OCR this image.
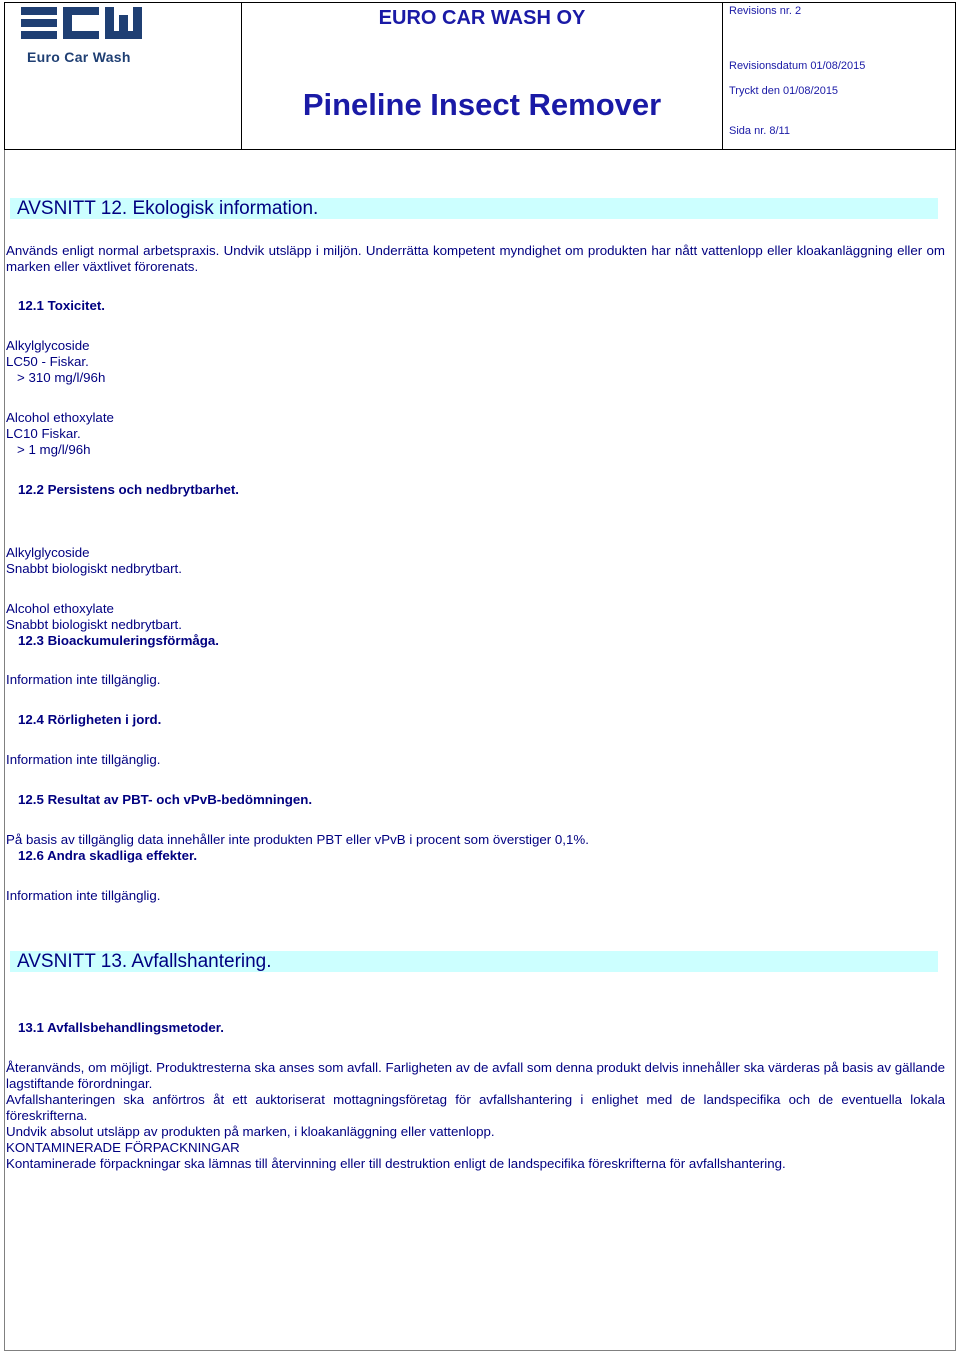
Euro Car Wash
EURO CAR WASH OY
Pineline Insect Remover
Revisions nr. 2
Revisionsdatum 01/08/2015
Tryckt den 01/08/2015
Sida nr. 8/11
AVSNITT 12. Ekologisk information.
Används enligt normal arbetspraxis. Undvik utsläpp i miljön. Underrätta kompetent myndighet om produkten har nått vattenlopp eller kloakanläggning eller om marken eller växtlivet förorenats.
12.1 Toxicitet.
Alkylglycoside
LC50 - Fiskar.
> 310 mg/l/96h
Alcohol ethoxylate
LC10 Fiskar.
> 1 mg/l/96h
12.2 Persistens och nedbrytbarhet.
Alkylglycoside
Snabbt biologiskt nedbrytbart.
Alcohol ethoxylate
Snabbt biologiskt nedbrytbart.
12.3 Bioackumuleringsförmåga.
Information inte tillgänglig.
12.4 Rörligheten i jord.
Information inte tillgänglig.
12.5 Resultat av PBT- och vPvB-bedömningen.
På basis av tillgänglig data innehåller inte produkten PBT eller vPvB i procent som överstiger 0,1%.
12.6 Andra skadliga effekter.
Information inte tillgänglig.
AVSNITT 13. Avfallshantering.
13.1 Avfallsbehandlingsmetoder.
Återanvänds, om möjligt. Produktresterna ska anses som avfall. Farligheten av de avfall som denna produkt delvis innehåller ska värderas på basis av gällande lagstiftande förordningar.
Avfallshanteringen ska anförtros åt ett auktoriserat mottagningsföretag för avfallshantering i enlighet med de landspecifika och de eventuella lokala föreskrifterna.
Undvik absolut utsläpp av produkten på marken, i kloakanläggning eller vattenlopp.
KONTAMINERADE FÖRPACKNINGAR
Kontaminerade förpackningar ska lämnas till återvinning eller till destruktion enligt de landspecifika föreskrifterna för avfallshantering.
